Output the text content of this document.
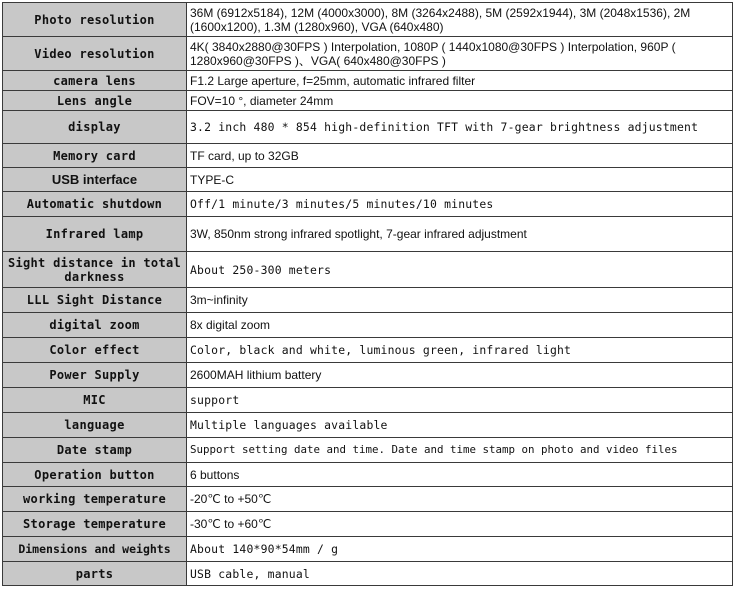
Photo resolution	36M (6912x5184), 12M (4000x3000), 8M (3264x2488), 5M (2592x1944), 3M (2048x1536), 2M (1600x1200), 1.3M (1280x960), VGA (640x480)
Video resolution	4K( 3840x2880@30FPS ) Interpolation, 1080P ( 1440x1080@30FPS ) Interpolation, 960P ( 1280x960@30FPS )、VGA( 640x480@30FPS )
camera lens	F1.2 Large aperture, f=25mm, automatic infrared filter
Lens angle	FOV=10 °, diameter 24mm
display	3.2 inch 480 * 854 high-definition TFT with 7-gear brightness adjustment
Memory card	TF card, up to 32GB
USB interface	TYPE-C
Automatic shutdown	Off/1 minute/3 minutes/5 minutes/10 minutes
Infrared lamp	3W, 850nm strong infrared spotlight, 7-gear infrared adjustment
Sight distance in total darkness	About 250-300 meters
LLL Sight Distance	3m~infinity
digital zoom	8x digital zoom
Color effect	Color, black and white, luminous green, infrared light
Power Supply	2600MAH lithium battery
MIC	support
language	Multiple languages available
Date stamp	Support setting date and time. Date and time stamp on photo and video files
Operation button	6 buttons
working temperature	-20℃ to +50℃
Storage temperature	-30℃ to +60℃
Dimensions and weights	About 140*90*54mm / g
parts	USB cable, manual
